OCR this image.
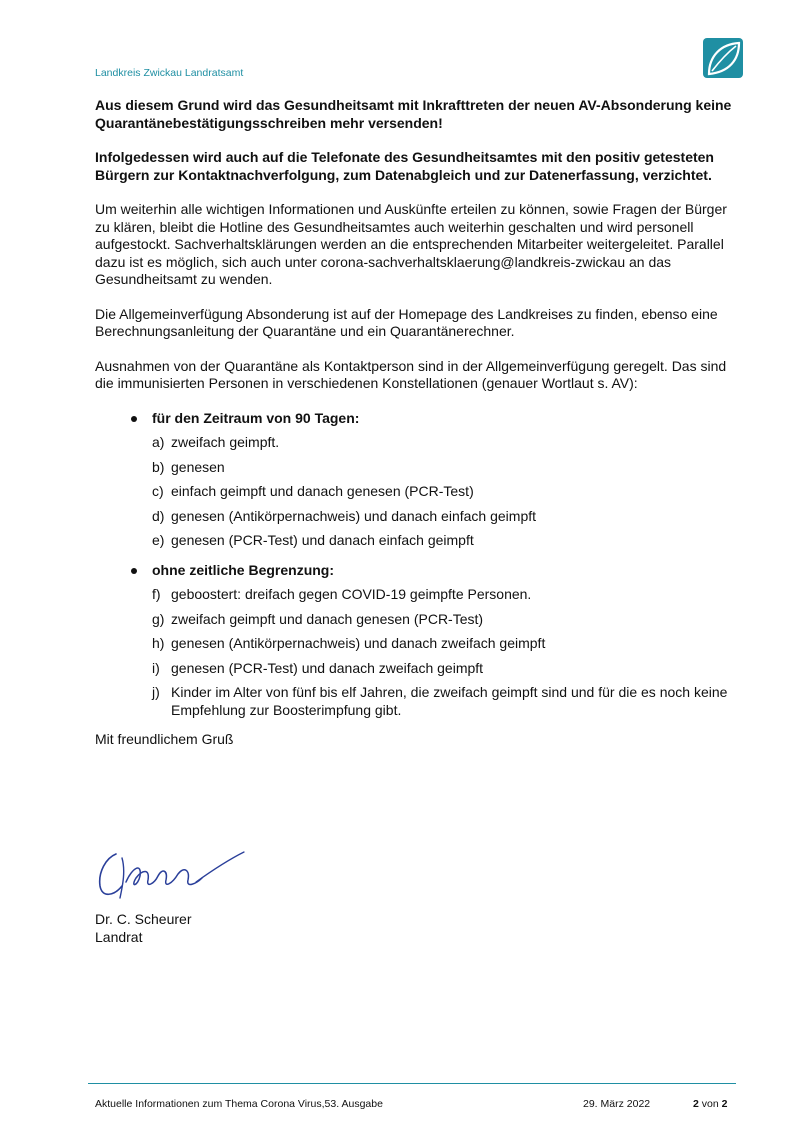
Landkreis Zwickau Landratsamt

Aus diesem Grund wird das Gesundheitsamt mit Inkrafttreten der neuen AV-Absonderung keine Quarantänebestätigungsschreiben mehr versenden!

Infolgedessen wird auch auf die Telefonate des Gesundheitsamtes mit den positiv getesteten Bürgern zur Kontaktnachverfolgung, zum Datenabgleich und zur Datenerfassung, verzichtet.

Um weiterhin alle wichtigen Informationen und Auskünfte erteilen zu können, sowie Fragen der Bürger zu klären, bleibt die Hotline des Gesundheitsamtes auch weiterhin geschalten und wird personell aufgestockt. Sachverhaltsklärungen werden an die entsprechenden Mitarbeiter weitergeleitet. Parallel dazu ist es möglich, sich auch unter corona-sachverhaltsklaerung@landkreis-zwickau an das Gesundheitsamt zu wenden.

Die Allgemeinverfügung Absonderung ist auf der Homepage des Landkreises zu finden, ebenso eine Berechnungsanleitung der Quarantäne und ein Quarantänerechner.

Ausnahmen von der Quarantäne als Kontaktperson sind in der Allgemeinverfügung geregelt. Das sind die immunisierten Personen in verschiedenen Konstellationen (genauer Wortlaut s. AV):

für den Zeitraum von 90 Tagen:
a) zweifach geimpft.
b) genesen
c) einfach geimpft und danach genesen (PCR-Test)
d) genesen (Antikörpernachweis) und danach einfach geimpft
e) genesen (PCR-Test) und danach einfach geimpft
ohne zeitliche Begrenzung:
f) geboostert: dreifach gegen COVID-19 geimpfte Personen.
g) zweifach geimpft und danach genesen (PCR-Test)
h) genesen (Antikörpernachweis) und danach zweifach geimpft
i) genesen (PCR-Test) und danach zweifach geimpft
j) Kinder im Alter von fünf bis elf Jahren, die zweifach geimpft sind und für die es noch keine Empfehlung zur Boosterimpfung gibt.

Mit freundlichem Gruß

Dr. C. Scheurer
Landrat
Aktuelle Informationen zum Thema Corona Virus,53. Ausgabe	29. März 2022	2 von 2
